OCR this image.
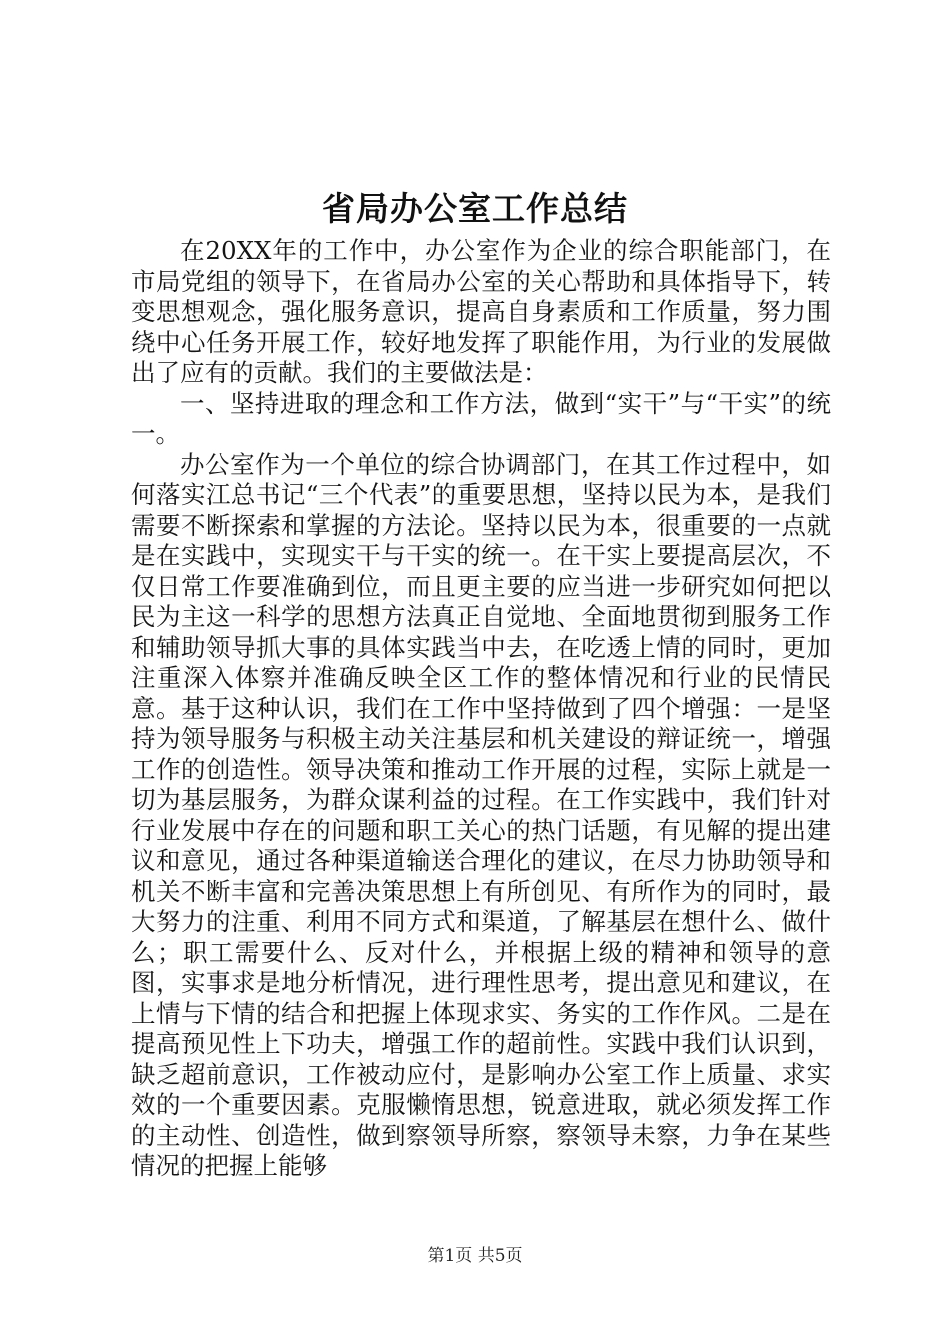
省局办公室工作总结

在20XX年的工作中，办公室作为企业的综合职能部门，在市局党组的领导下，在省局办公室的关心帮助和具体指导下，转变思想观念，强化服务意识，提高自身素质和工作质量，努力围绕中心任务开展工作，较好地发挥了职能作用，为行业的发展做出了应有的贡献。我们的主要做法是：

一、坚持进取的理念和工作方法，做到“实干”与“干实”的统一。

办公室作为一个单位的综合协调部门，在其工作过程中，如何落实江总书记“三个代表”的重要思想，坚持以民为本，是我们需要不断探索和掌握的方法论。坚持以民为本，很重要的一点就是在实践中，实现实干与干实的统一。在干实上要提高层次，不仅日常工作要准确到位，而且更主要的应当进一步研究如何把以民为主这一科学的思想方法真正自觉地、全面地贯彻到服务工作和辅助领导抓大事的具体实践当中去，在吃透上情的同时，更加注重深入体察并准确反映全区工作的整体情况和行业的民情民意。基于这种认识，我们在工作中坚持做到了四个增强：一是坚持为领导服务与积极主动关注基层和机关建设的辩证统一，增强工作的创造性。领导决策和推动工作开展的过程，实际上就是一切为基层服务，为群众谋利益的过程。在工作实践中，我们针对行业发展中存在的问题和职工关心的热门话题，有见解的提出建议和意见，通过各种渠道输送合理化的建议，在尽力协助领导和机关不断丰富和完善决策思想上有所创见、有所作为的同时，最大努力的注重、利用不同方式和渠道，了解基层在想什么、做什么；职工需要什么、反对什么，并根据上级的精神和领导的意图，实事求是地分析情况，进行理性思考，提出意见和建议，在上情与下情的结合和把握上体现求实、务实的工作作风。二是在提高预见性上下功夫，增强工作的超前性。实践中我们认识到，缺乏超前意识，工作被动应付，是影响办公室工作上质量、求实效的一个重要因素。克服懒惰思想，锐意进取，就必须发挥工作的主动性、创造性，做到察领导所察，察领导未察，力争在某些情况的把握上能够

第1页 共5页
